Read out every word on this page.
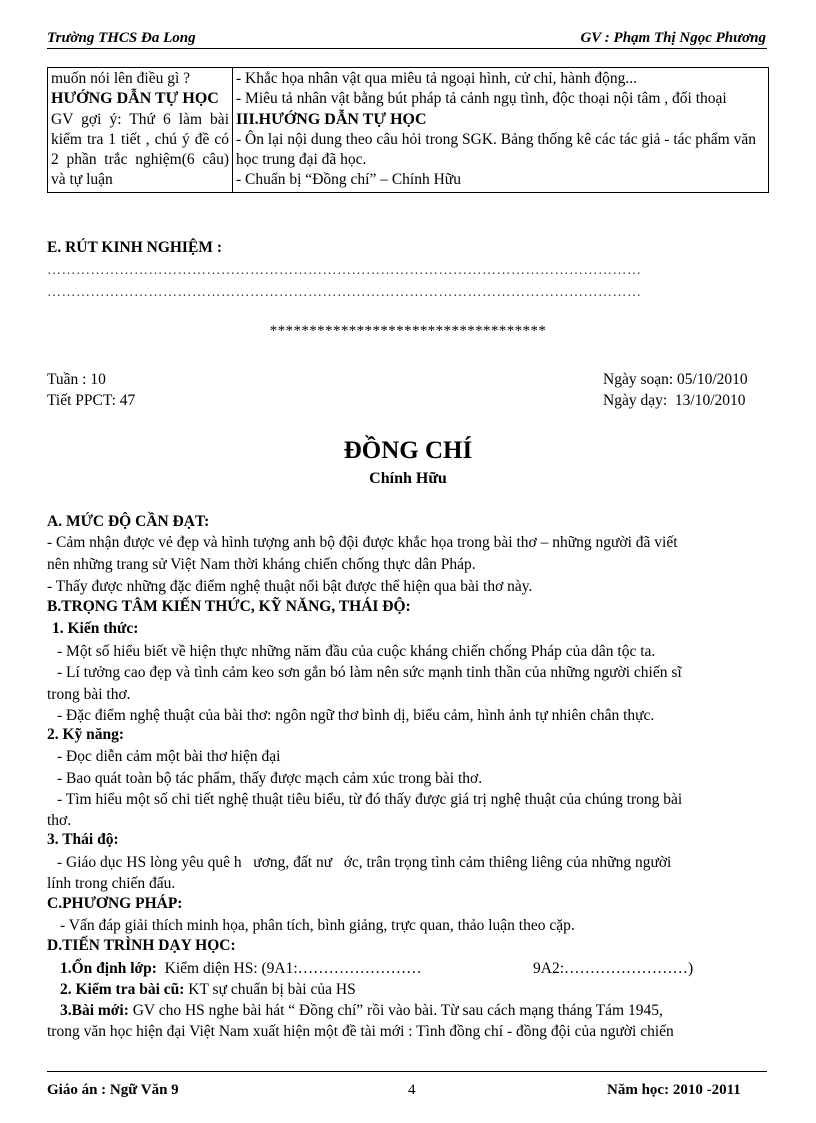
Trường THCS Đa Long	GV : Phạm Thị Ngọc Phương
muốn nói lên điều gì ?
HƯỚNG DẪN TỰ HỌC
GV gợi ý: Thứ 6 làm bài kiểm tra 1 tiết , chú ý đề có 2 phần trắc nghiệm(6 câu) và tự luận

- Khắc họa nhân vật qua miêu tả ngoại hình, cử chỉ, hành động...
- Miêu tả nhân vật bằng bút pháp tả cảnh ngụ tình, độc thoại nội tâm , đối thoại
III.HƯỚNG DẪN TỰ HỌC
- Ôn lại nội dung theo câu hỏi trong SGK. Bảng thống kê các tác giả - tác phẩm văn học trung đại đã học.
- Chuẩn bị “Đồng chí” – Chính Hữu
E. RÚT KINH NGHIỆM :
……………………………………………………………………………………………………………
……………………………………………………………………………………………………………
***********************************
Tuần : 10
Tiết PPCT: 47
Ngày soạn: 05/10/2010
Ngày dạy:  13/10/2010
ĐỒNG CHÍ
Chính Hữu
A. MỨC ĐỘ CẦN ĐẠT:
- Cảm nhận được vẻ đẹp và hình tượng anh bộ đội được khắc họa trong bài thơ – những người đã viết
nên những trang sử Việt Nam thời kháng chiến chống thực dân Pháp.
- Thấy được những đặc điểm nghệ thuật nổi bật được thể hiện qua bài thơ này.
B.TRỌNG TÂM KIẾN THỨC, KỸ NĂNG, THÁI ĐỘ:
1. Kiến thức:
- Một số hiểu biết về hiện thực những năm đầu của cuộc kháng chiến chống Pháp của dân tộc ta.
- Lí tưởng cao đẹp và tình cảm keo sơn gắn bó làm nên sức mạnh tinh thần của những người chiến sĩ
trong bài thơ.
- Đặc điểm nghệ thuật của bài thơ: ngôn ngữ thơ bình dị, biểu cảm, hình ảnh tự nhiên chân thực.
2. Kỹ năng:
- Đọc diễn cảm một bài thơ hiện đại
- Bao quát toàn bộ tác phẩm, thấy được mạch cảm xúc trong bài thơ.
- Tìm hiểu một số chi tiết nghệ thuật tiêu biểu, từ đó thấy được giá trị nghệ thuật của chúng trong bài
thơ.
3. Thái độ:
- Giáo dục HS lòng yêu quê h   ương, đất nư   ớc, trân trọng tình cảm thiêng liêng của những người
lính trong chiến đấu.
C.PHƯƠNG PHÁP:
- Vấn đáp giải thích minh họa, phân tích, bình giảng, trực quan, thảo luận theo cặp.
D.TIẾN TRÌNH DẠY HỌC:
1.Ổn định lớp: Kiểm diện HS: (9A1:……………………	9A2:……………………)
2. Kiểm tra bài cũ: KT sự chuẩn bị bài của HS
3.Bài mới: GV cho HS nghe bài hát “ Đồng chí” rồi vào bài. Từ sau cách mạng tháng Tám 1945,
trong văn học hiện đại Việt Nam xuất hiện một đề tài mới : Tình đồng chí - đồng đội của người chiến
Giáo án : Ngữ Văn 9	4	Năm học: 2010 -2011
